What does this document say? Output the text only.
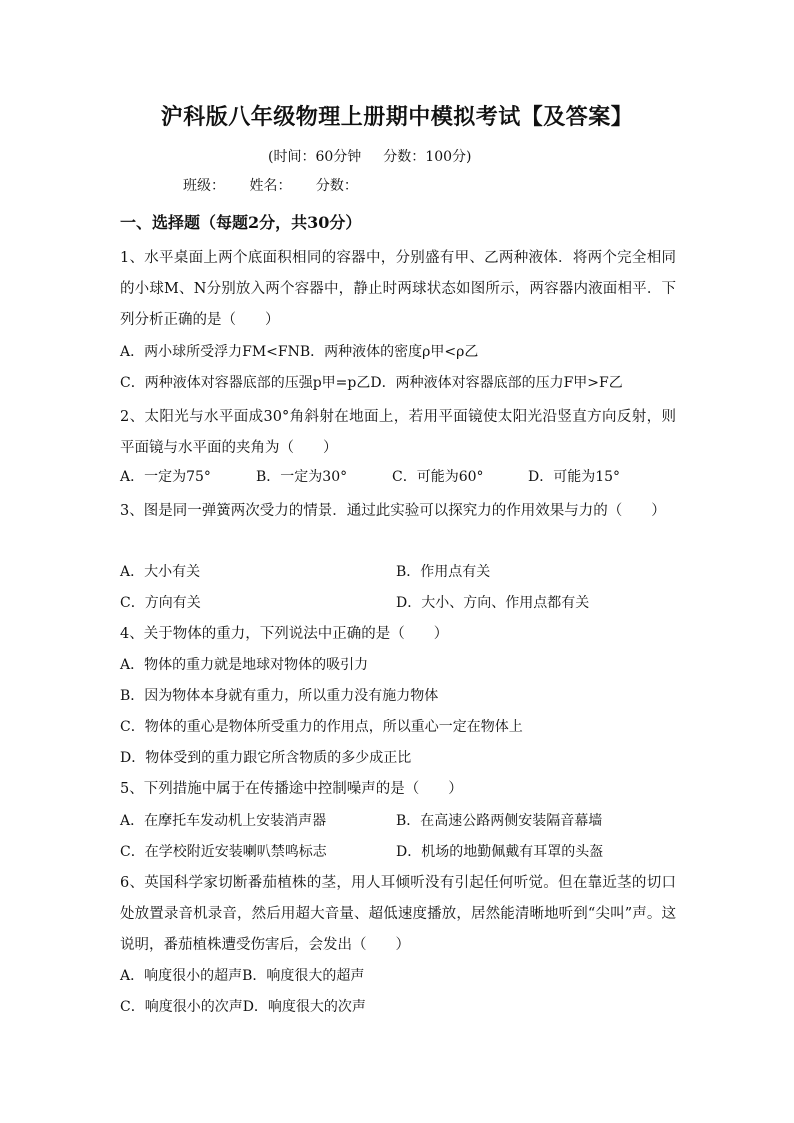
沪科版八年级物理上册期中模拟考试【及答案】
(时间：60分钟 分数：100分)
班级： 姓名： 分数：
一、选择题（每题2分，共30分）
1、水平桌面上两个底面积相同的容器中，分别盛有甲、乙两种液体．将两个完全相同的小球M、N分别放入两个容器中，静止时两球状态如图所示，两容器内液面相平．下列分析正确的是（　　）
A．两小球所受浮力FM<FNB．两种液体的密度ρ甲<ρ乙
C．两种液体对容器底部的压强p甲=p乙D．两种液体对容器底部的压力F甲>F乙
2、太阳光与水平面成30°角斜射在地面上，若用平面镜使太阳光沿竖直方向反射，则平面镜与水平面的夹角为（　　）
A．一定为75°	B．一定为30°	C．可能为60°	D．可能为15°
3、图是同一弹簧两次受力的情景．通过此实验可以探究力的作用效果与力的（　　）
A．大小有关	B．作用点有关
C．方向有关	D．大小、方向、作用点都有关
4、关于物体的重力，下列说法中正确的是（　　）
A．物体的重力就是地球对物体的吸引力
B．因为物体本身就有重力，所以重力没有施力物体
C．物体的重心是物体所受重力的作用点，所以重心一定在物体上
D．物体受到的重力跟它所含物质的多少成正比
5、下列措施中属于在传播途中控制噪声的是（　　）
A．在摩托车发动机上安装消声器	B．在高速公路两侧安装隔音幕墙
C．在学校附近安装喇叭禁鸣标志	D．机场的地勤佩戴有耳罩的头盔
6、英国科学家切断番茄植株的茎，用人耳倾听没有引起任何听觉。但在靠近茎的切口处放置录音机录音，然后用超大音量、超低速度播放，居然能清晰地听到“尖叫”声。这说明，番茄植株遭受伤害后，会发出（　　）
A．响度很小的超声B．响度很大的超声
C．响度很小的次声D．响度很大的次声
